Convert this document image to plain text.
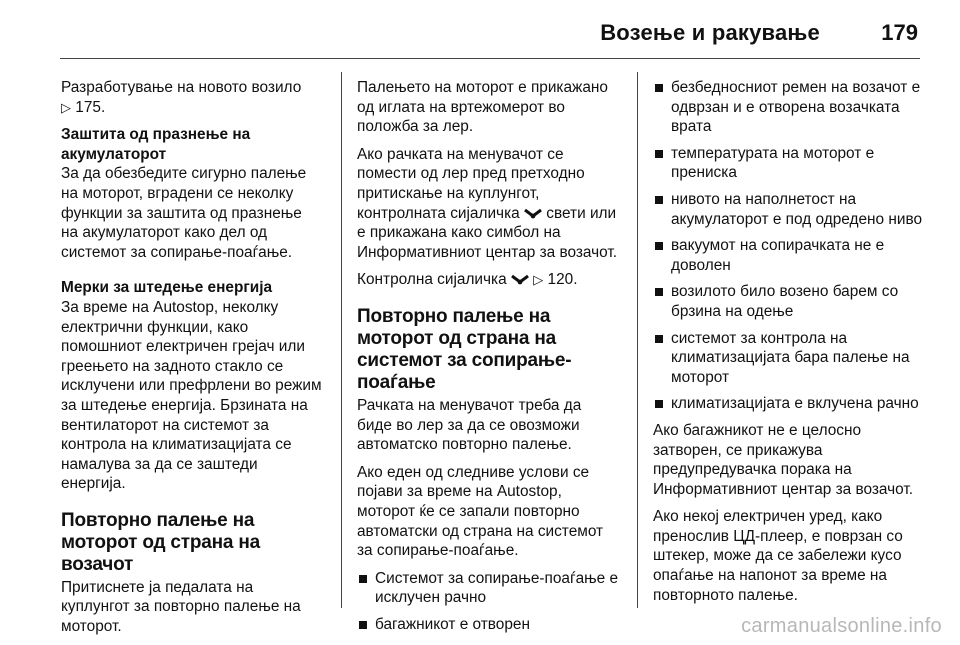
Возење и ракување	179

Разработување на новото возило
▷ 175.

Заштита од празнење на акумулаторот

За да обезбедите сигурно палење на моторот, вградени се неколку функции за заштита од празнење на акумулаторот како дел од системот за сопирање-поаѓање.

Мерки за штедење енергија

За време на Autostop, неколку електрични функции, како помошниот електричен грејач или греењето на задното стакло се исклучени или префрлени во режим за штедење енергија. Брзината на вентилаторот на системот за контрола на климатизацијата се намалува за да се заштеди енергија.

Повторно палење на моторот од страна на возачот

Притиснете ја педалата на куплунгот за повторно палење на моторот.

Палењето на моторот е прикажано од иглата на вртежомерот во положба за лер.

Ако рачката на менувачот се помести од лер пред претходно притискање на куплунгот, контролната сијаличка свети или е прикажана како симбол на Информативниот центар за возачот.

Контролна сијаличка ▷ 120.

Повторно палење на моторот од страна на системот за сопирање-поаѓање

Рачката на менувачот треба да биде во лер за да се овозможи автоматско повторно палење.

Ако еден од следниве услови се појави за време на Autostop, моторот ќе се запали повторно автоматски од страна на системот за сопирање-поаѓање.

Системот за сопирање-поаѓање е исклучен рачно
багажникот е отворен
безбедносниот ремен на возачот е одврзан и е отворена возачката врата
температурата на моторот е прениска
нивото на наполнетост на акумулаторот е под одредено ниво
вакуумот на сопирачката не е доволен
возилото било возено барем со брзина на одење
системот за контрола на климатизацијата бара палење на моторот
климатизацијата е вклучена рачно

Ако багажникот не е целосно затворен, се прикажува предупредувачка порака на Информативниот центар за возачот.

Ако некој електричен уред, како пренослив ЦД-плеер, е поврзан со штекер, може да се забележи кусо опаѓање на напонот за време на повторното палење.

carmanualsonline.info
